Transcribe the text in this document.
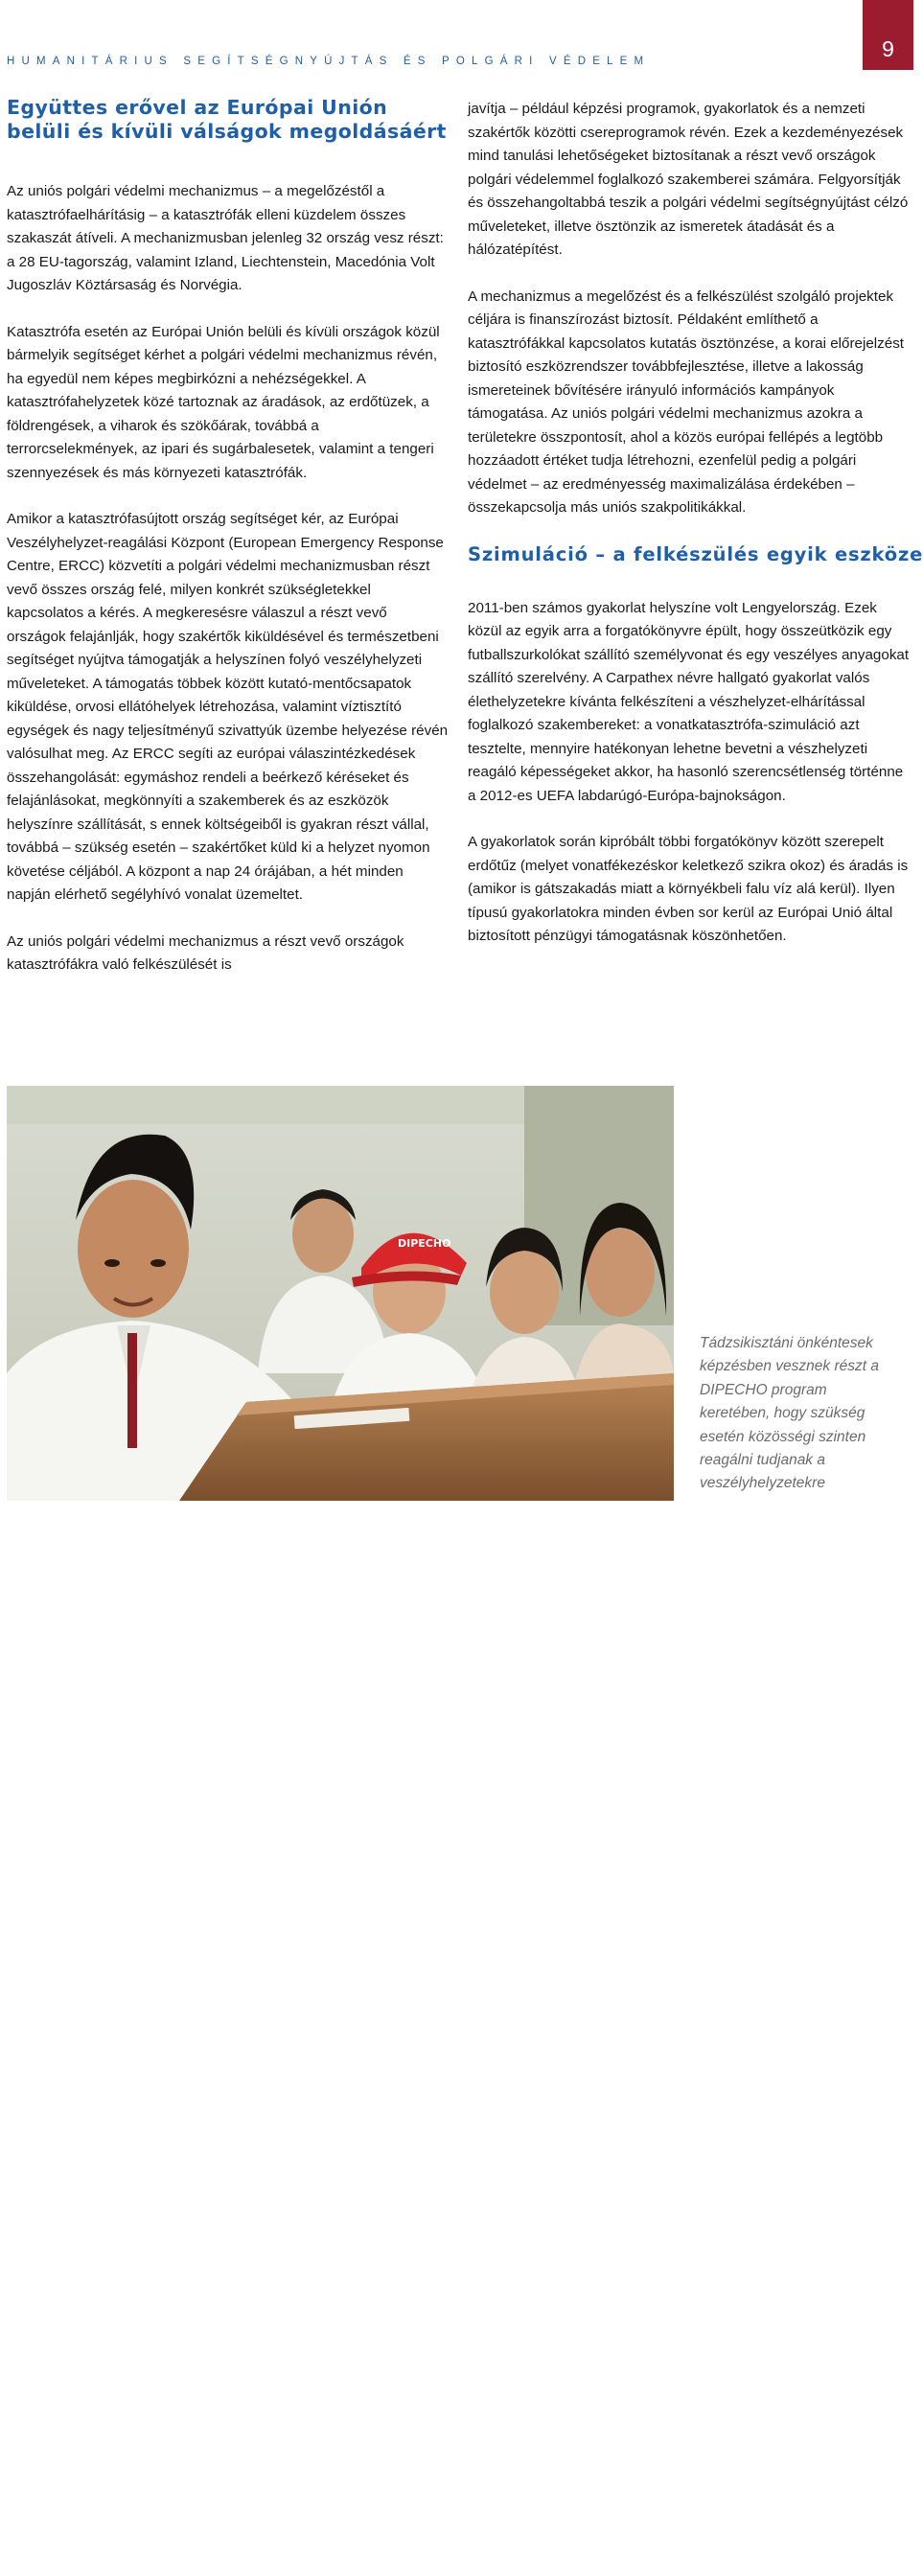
HUMANITÁRIUS SEGÍTSÉGNYÚJTÁS ÉS POLGÁRI VÉDELEM	9
Együttes erővel az Európai Unión belüli és kívüli válságok megoldásáért

Az uniós polgári védelmi mechanizmus – a megelőzéstől a katasztrófaelhárításig – a katasztrófák elleni küzdelem összes szakaszát átíveli. A mechanizmusban jelenleg 32 ország vesz részt: a 28 EU-tagország, valamint Izland, Liechtenstein, Macedónia Volt Jugoszláv Köztársaság és Norvégia.

Katasztrófa esetén az Európai Unión belüli és kívüli országok közül bármelyik segítséget kérhet a polgári védelmi mechanizmus révén, ha egyedül nem képes megbirkózni a nehézségekkel. A katasztrófahelyzetek közé tartoznak az áradások, az erdőtüzek, a földrengések, a viharok és szökőárak, továbbá a terrorcselekmények, az ipari és sugárbalesetek, valamint a tengeri szennyezések és más környezeti katasztrófák.

Amikor a katasztrófasújtott ország segítséget kér, az Európai Veszélyhelyzet-reagálási Központ (European Emergency Response Centre, ERCC) közvetíti a polgári védelmi mechanizmusban részt vevő összes ország felé, milyen konkrét szükségletekkel kapcsolatos a kérés. A megkeresésre válaszul a részt vevő országok felajánlják, hogy szakértők kiküldésével és természetbeni segítséget nyújtva támogatják a helyszínen folyó veszélyhelyzeti műveleteket. A támogatás többek között kutató-mentőcsapatok kiküldése, orvosi ellátóhelyek létrehozása, valamint víztisztító egységek és nagy teljesítményű szivattyúk üzembe helyezése révén valósulhat meg. Az ERCC segíti az európai válaszintézkedések összehangolását: egymáshoz rendeli a beérkező kéréseket és felajánlásokat, megkönnyíti a szakemberek és az eszközök helyszínre szállítását, s ennek költségeiből is gyakran részt vállal, továbbá – szükség esetén – szakértőket küld ki a helyzet nyomon követése céljából. A központ a nap 24 órájában, a hét minden napján elérhető segélyhívó vonalat üzemeltet.

Az uniós polgári védelmi mechanizmus a részt vevő országok katasztrófákra való felkészülését is

javítja – például képzési programok, gyakorlatok és a nemzeti szakértők közötti csereprogramok révén. Ezek a kezdeményezések mind tanulási lehetőségeket biztosítanak a részt vevő országok polgári védelemmel foglalkozó szakemberei számára. Felgyorsítják és összehangoltabbá teszik a polgári védelmi segítségnyújtást célzó műveleteket, illetve ösztönzik az ismeretek átadását és a hálózatépítést.

A mechanizmus a megelőzést és a felkészülést szolgáló projektek céljára is finanszírozást biztosít. Példaként említhető a katasztrófákkal kapcsolatos kutatás ösztönzése, a korai előrejelzést biztosító eszközrendszer továbbfejlesztése, illetve a lakosság ismereteinek bővítésére irányuló információs kampányok támogatása. Az uniós polgári védelmi mechanizmus azokra a területekre összpontosít, ahol a közös európai fellépés a legtöbb hozzáadott értéket tudja létrehozni, ezenfelül pedig a polgári védelmet – az eredményesség maximalizálása érdekében – összekapcsolja más uniós szakpolitikákkal.

Szimuláció – a felkészülés egyik eszköze

2011-ben számos gyakorlat helyszíne volt Lengyelország. Ezek közül az egyik arra a forgatókönyvre épült, hogy összeütközik egy futballszurkolókat szállító személyvonat és egy veszélyes anyagokat szállító szerelvény. A Carpathex névre hallgató gyakorlat valós élethelyzetekre kívánta felkészíteni a vészhelyzet-elhárítással foglalkozó szakembereket: a vonatkatasztrófa-szimuláció azt tesztelte, mennyire hatékonyan lehetne bevetni a vészhelyzeti reagáló képességeket akkor, ha hasonló szerencsétlenség történne a 2012-es UEFA labdarúgó-Európa-bajnokságon.

A gyakorlatok során kipróbált többi forgatókönyv között szerepelt erdőtűz (melyet vonatfékezéskor keletkező szikra okoz) és áradás is (amikor is gátszakadás miatt a környékbeli falu víz alá kerül). Ilyen típusú gyakorlatokra minden évben sor kerül az Európai Unió által biztosított pénzügyi támogatásnak köszönhetően.

DIPECHO
© Európai Unió
Tádzsikisztáni önkéntesek képzésben vesznek részt a DIPECHO program keretében, hogy szükség esetén közösségi szinten reagálni tudjanak a veszélyhelyzetekre
